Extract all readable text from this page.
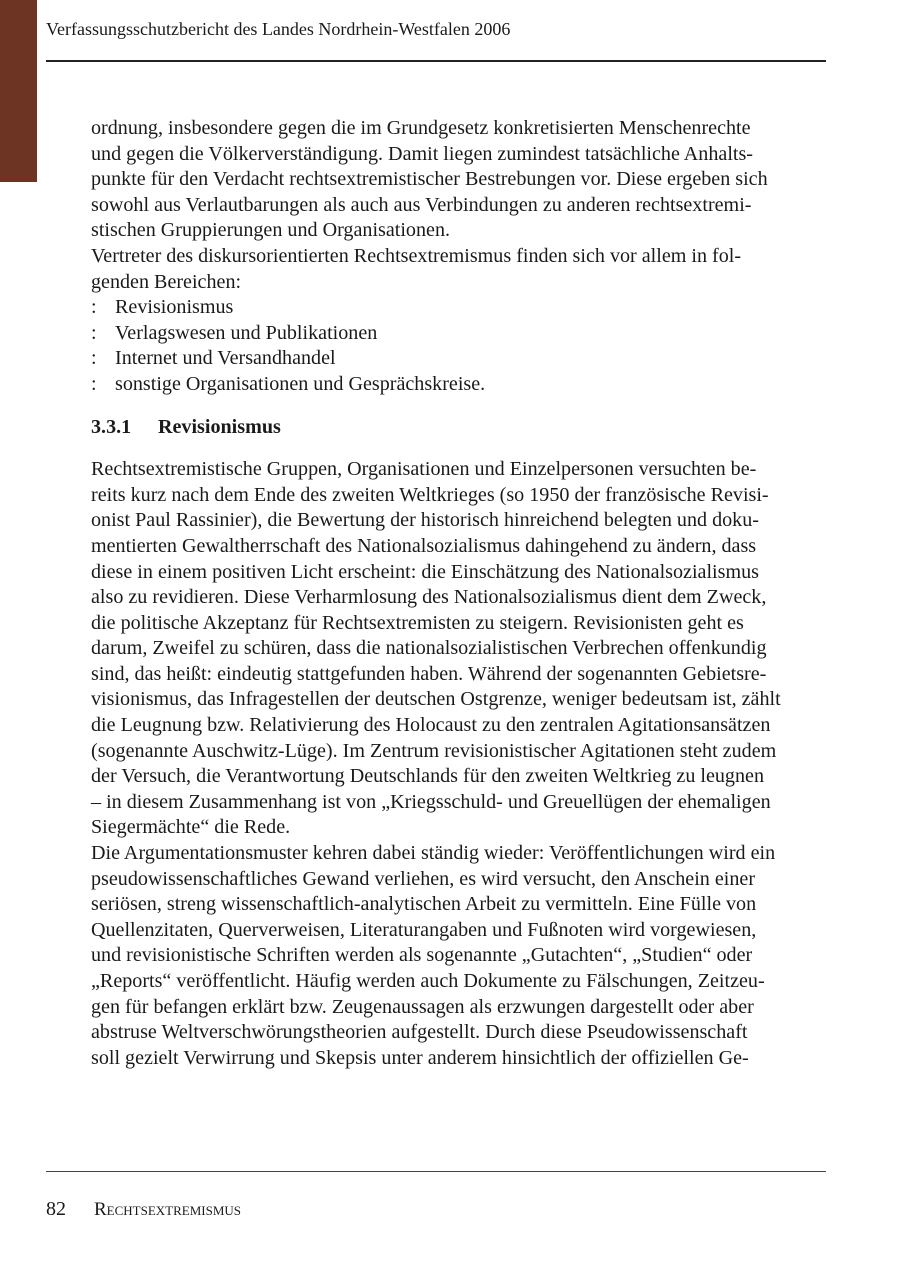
Verfassungsschutzbericht des Landes Nordrhein-Westfalen 2006

ordnung, insbesondere gegen die im Grundgesetz konkretisierten Menschenrechte
und gegen die Völkerverständigung. Damit liegen zumindest tatsächliche Anhalts-
punkte für den Verdacht rechtsextremistischer Bestrebungen vor. Diese ergeben sich
sowohl aus Verlautbarungen als auch aus Verbindungen zu anderen rechtsextremi-
stischen Gruppierungen und Organisationen.

Vertreter des diskursorientierten Rechtsextremismus finden sich vor allem in fol-
genden Bereichen:

: Revisionismus
: Verlagswesen und Publikationen
: Internet und Versandhandel
: sonstige Organisationen und Gesprächskreise.
3.3.1 Revisionismus

Rechtsextremistische Gruppen, Organisationen und Einzelpersonen versuchten be-
reits kurz nach dem Ende des zweiten Weltkrieges (so 1950 der französische Revisi-
onist Paul Rassinier), die Bewertung der historisch hinreichend belegten und doku-
mentierten Gewaltherrschaft des Nationalsozialismus dahingehend zu ändern, dass
diese in einem positiven Licht erscheint: die Einschätzung des Nationalsozialismus
also zu revidieren. Diese Verharmlosung des Nationalsozialismus dient dem Zweck,
die politische Akzeptanz für Rechtsextremisten zu steigern. Revisionisten geht es
darum, Zweifel zu schüren, dass die nationalsozialistischen Verbrechen offenkundig
sind, das heißt: eindeutig stattgefunden haben. Während der sogenannten Gebietsre-
visionismus, das Infragestellen der deutschen Ostgrenze, weniger bedeutsam ist, zählt
die Leugnung bzw. Relativierung des Holocaust zu den zentralen Agitationsansätzen
(sogenannte Auschwitz-Lüge). Im Zentrum revisionistischer Agitationen steht zudem
der Versuch, die Verantwortung Deutschlands für den zweiten Weltkrieg zu leugnen
– in diesem Zusammenhang ist von „Kriegsschuld- und Greuellügen der ehemaligen
Siegermächte“ die Rede.

Die Argumentationsmuster kehren dabei ständig wieder: Veröffentlichungen wird ein
pseudowissenschaftliches Gewand verliehen, es wird versucht, den Anschein einer
seriösen, streng wissenschaftlich-analytischen Arbeit zu vermitteln. Eine Fülle von
Quellenzitaten, Querverweisen, Literaturangaben und Fußnoten wird vorgewiesen,
und revisionistische Schriften werden als sogenannte „Gutachten“, „Studien“ oder
„Reports“ veröffentlicht. Häufig werden auch Dokumente zu Fälschungen, Zeitzeu-
gen für befangen erklärt bzw. Zeugenaussagen als erzwungen dargestellt oder aber
abstruse Weltverschwörungstheorien aufgestellt. Durch diese Pseudowissenschaft
soll gezielt Verwirrung und Skepsis unter anderem hinsichtlich der offiziellen Ge-

82 Rechtsextremismus
